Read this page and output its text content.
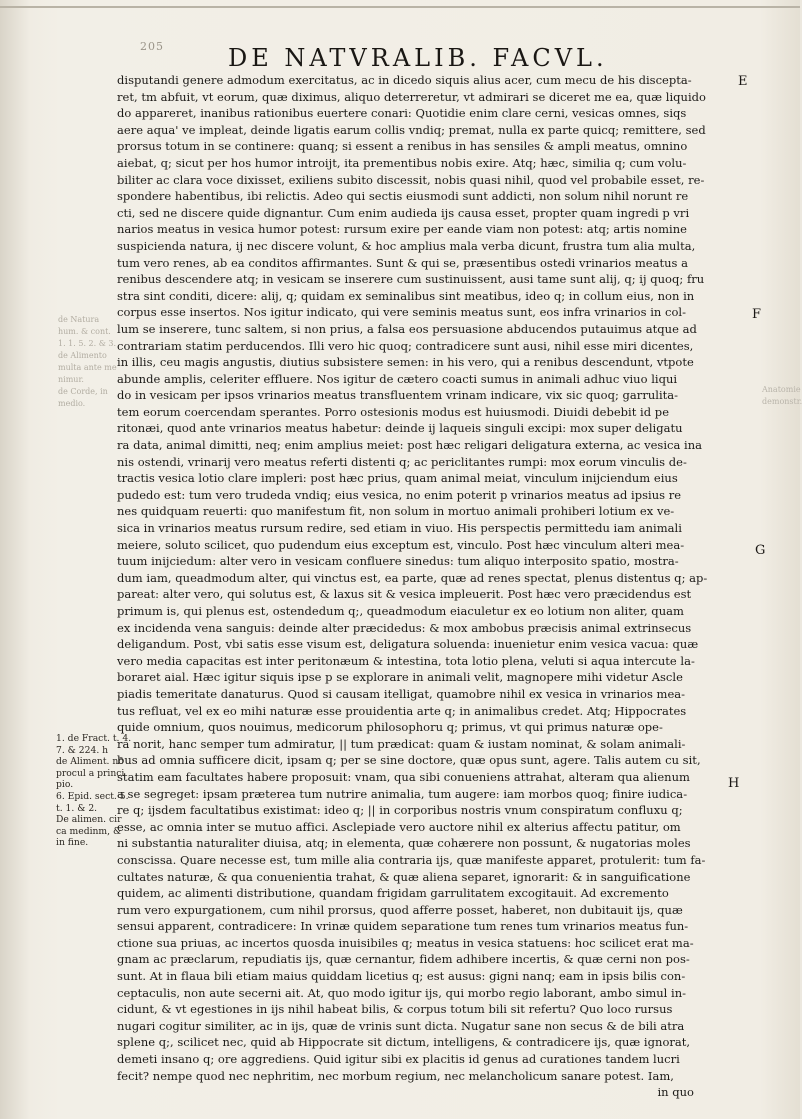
205	DE NATVRALIB. FACVL.
disputandi genere admodum exercitatus, ac in dicedo siquis alius acer, cum mecu de his discepta-
ret, tm abfuit, vt eorum, quæ diximus, aliquo deterreretur, vt admirari se diceret me ea, quæ liquido
do appareret, inanibus rationibus euertere conari: Quotidie enim clare cerni, vesicas omnes, siqs
aere aqua' ve impleat, deinde ligatis earum collis vndiq; premat, nulla ex parte quicq; remittere, sed
prorsus totum in se continere: quanq; si essent a renibus in has sensiles & ampli meatus, omnino
aiebat, q; sicut per hos humor introijt, ita prementibus nobis exire. Atq; hæc, similia q; cum volu-
biliter ac clara voce dixisset, exiliens subito discessit, nobis quasi nihil, quod vel probabile esset, re-
spondere habentibus, ibi relictis. Adeo qui sectis eiusmodi sunt addicti, non solum nihil norunt re
cti, sed ne discere quide dignantur. Cum enim audieda ijs causa esset, propter quam ingredi p vri
narios meatus in vesica humor potest: rursum exire per eande viam non potest: atq; artis nomine
suspicienda natura, ij nec discere volunt, & hoc amplius mala verba dicunt, frustra tum alia multa,
tum vero renes, ab ea conditos affirmantes. Sunt & qui se, præsentibus ostedi vrinarios meatus a
renibus descendere atq; in vesicam se inserere cum sustinuissent, ausi tame sunt alij, q; ij quoq; fru
stra sint conditi, dicere: alij, q; quidam ex seminalibus sint meatibus, ideo q; in collum eius, non in
corpus esse insertos. Nos igitur indicato, qui vere seminis meatus sunt, eos infra vrinarios in col-
lum se inserere, tunc saltem, si non prius, a falsa eos persuasione abducendos putauimus atque ad
contrariam statim perducendos. Illi vero hic quoq; contradicere sunt ausi, nihil esse miri dicentes,
in illis, ceu magis angustis, diutius subsistere semen: in his vero, qui a renibus descendunt, vtpote
abunde amplis, celeriter effluere. Nos igitur de cætero coacti sumus in animali adhuc viuo liqui
do in vesicam per ipsos vrinarios meatus transfluentem vrinam indicare, vix sic quoq; garrulita-
tem eorum coercendam sperantes. Porro ostesionis modus est huiusmodi. Diuidi debebit id pe
ritonæi, quod ante vrinarios meatus habetur: deinde ij laqueis singuli excipi: mox super deligatu
ra data, animal dimitti, neq; enim amplius meiet: post hæc religari deligatura externa, ac vesica ina
nis ostendi, vrinarij vero meatus referti distenti q; ac periclitantes rumpi: mox eorum vinculis de-
tractis vesica lotio clare impleri: post hæc prius, quam animal meiat, vinculum inijciendum eius
pudedo est: tum vero trudeda vndiq; eius vesica, no enim poterit p vrinarios meatus ad ipsius re
nes quidquam reuerti: quo manifestum fit, non solum in mortuo animali prohiberi lotium ex ve-
sica in vrinarios meatus rursum redire, sed etiam in viuo. His perspectis permittedu iam animali
meiere, soluto scilicet, quo pudendum eius exceptum est, vinculo. Post hæc vinculum alteri mea-
tuum inijciedum: alter vero in vesicam confluere sinedus: tum aliquo interposito spatio, mostra-
dum iam, queadmodum alter, qui vinctus est, ea parte, quæ ad renes spectat, plenus distentus q; ap-
pareat: alter vero, qui solutus est, & laxus sit & vesica impleuerit. Post hæc vero præcidendus est
primum is, qui plenus est, ostendedum q;, queadmodum eiaculetur ex eo lotium non aliter, quam
ex incidenda vena sanguis: deinde alter præcidedus: & mox ambobus præcisis animal extrinsecus
deligandum. Post, vbi satis esse visum est, deligatura soluenda: inuenietur enim vesica vacua: quæ
vero media capacitas est inter peritonæum & intestina, tota lotio plena, veluti si aqua intercute la-
boraret aial. Hæc igitur siquis ipse p se explorare in animali velit, magnopere mihi videtur Ascle
piadis temeritate danaturus. Quod si causam itelligat, quamobre nihil ex vesica in vrinarios mea-
tus refluat, vel ex eo mihi naturæ esse prouidentia arte q; in animalibus credet. Atq; Hippocrates
quide omnium, quos nouimus, medicorum philosophoru q; primus, vt qui primus naturæ ope-
ra norit, hanc semper tum admiratur, || tum prædicat: quam & iustam nominat, & solam animali-
bus ad omnia sufficere dicit, ipsam q; per se sine doctore, quæ opus sunt, agere. Talis autem cu sit,
statim eam facultates habere proposuit: vnam, qua sibi conueniens attrahat, alteram qua alienum
a se segreget: ipsam præterea tum nutrire animalia, tum augere: iam morbos quoq; finire iudica-
re q; ijsdem facultatibus existimat: ideo q; || in corporibus nostris vnum conspiratum confluxu q;
esse, ac omnia inter se mutuo affici. Asclepiade vero auctore nihil ex alterius affectu patitur, om
ni substantia naturaliter diuisa, atq; in elementa, quæ cohærere non possunt, & nugatorias moles
conscissa. Quare necesse est, tum mille alia contraria ijs, quæ manifeste apparet, protulerit: tum fa-
cultates naturæ, & qua conuenientia trahat, & quæ aliena separet, ignorarit: & in sanguificatione
quidem, ac alimenti distributione, quandam frigidam garrulitatem excogitauit. Ad excremento
rum vero expurgationem, cum nihil prorsus, quod afferre posset, haberet, non dubitauit ijs, quæ
sensui apparent, contradicere: In vrinæ quidem separatione tum renes tum vrinarios meatus fun-
ctione sua priuas, ac incertos quosda inuisibiles q; meatus in vesica statuens: hoc scilicet erat ma-
gnam ac præclarum, repudiatis ijs, quæ cernantur, fidem adhibere incertis, & quæ cerni non pos-
sunt. At in flaua bili etiam maius quiddam licetius q; est ausus: gigni nanq; eam in ipsis bilis con-
ceptaculis, non aute secerni ait. At, quo modo igitur ijs, qui morbo regio laborant, ambo simul in-
cidunt, & vt egestiones in ijs nihil habeat bilis, & corpus totum bili sit refertu? Quo loco rursus
nugari cogitur similiter, ac in ijs, quæ de vrinis sunt dicta. Nugatur sane non secus & de bili atra
splene q;, scilicet nec, quid ab Hippocrate sit dictum, intelligens, & contradicere ijs, quæ ignorat,
demeti insano q; ore aggrediens. Quid igitur sibi ex placitis id genus ad curationes tandem lucri
fecit? nempe quod nec nephritim, nec morbum regium, nec melancholicum sanare potest. Iam,
in quo
E
F
G
H
de Natura
hum. & cont.
1. 1. 5. 2. & 3.
de Alimento
multa ante me
nimur.
de Corde, in
medio.
Anatomie
demonstr.
1. de Fract. t. 4.
7. & 224. h
de Aliment. nō
procul a princi
pio.
6. Epid. sect. 5.
t. 1. & 2.
De alimen. cir
ca medinm, &
in fine.
